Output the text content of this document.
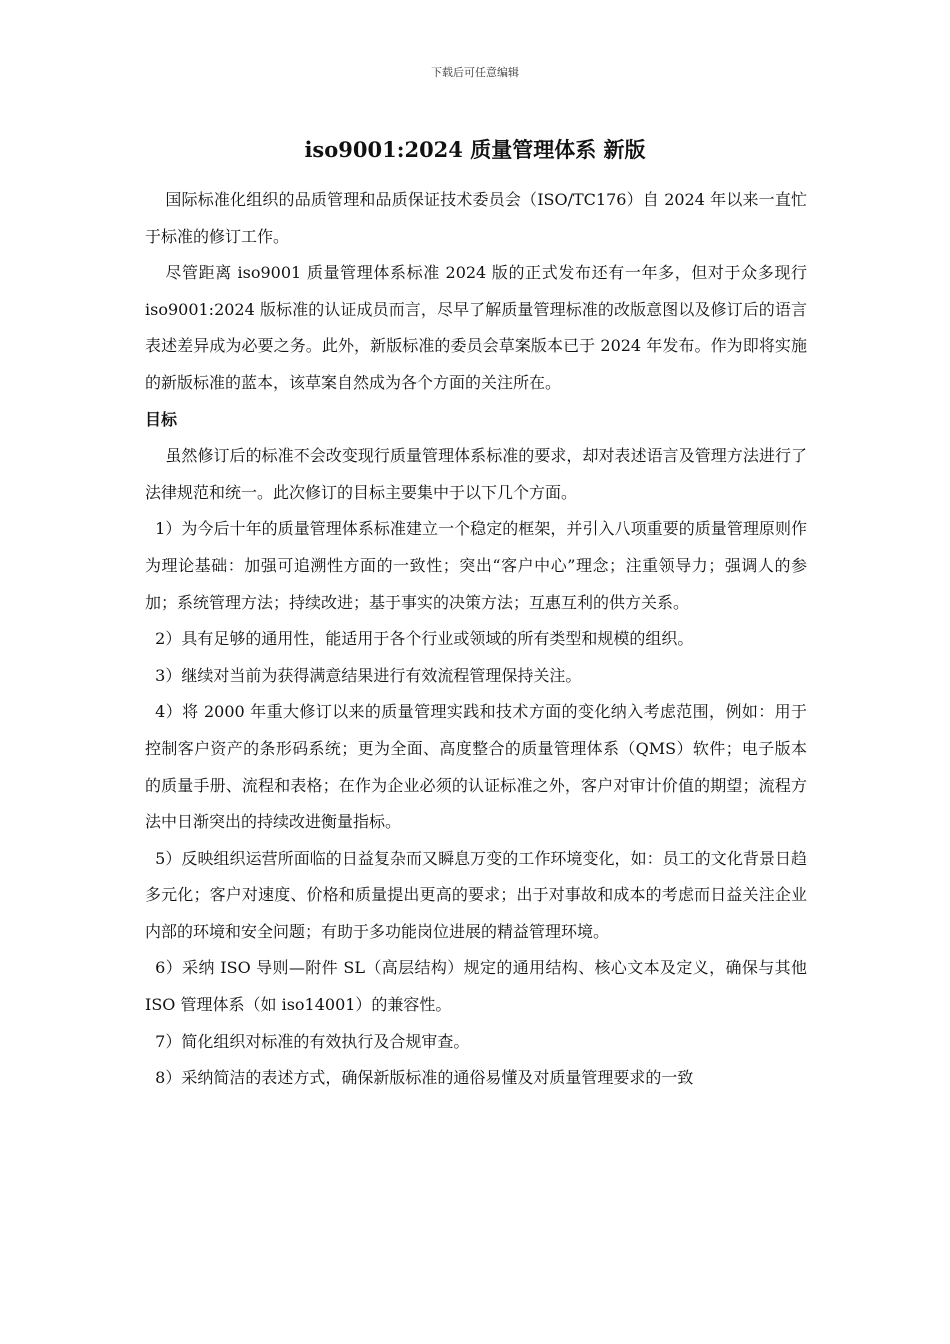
下载后可任意编辑
iso9001:2024 质量管理体系 新版

国际标准化组织的品质管理和品质保证技术委员会（ISO/TC176）自 2024 年以来一直忙于标准的修订工作。

尽管距离 iso9001 质量管理体系标准 2024 版的正式发布还有一年多，但对于众多现行 iso9001:2024 版标准的认证成员而言，尽早了解质量管理标准的改版意图以及修订后的语言表述差异成为必要之务。此外，新版标准的委员会草案版本已于 2024 年发布。作为即将实施的新版标准的蓝本，该草案自然成为各个方面的关注所在。

目标

虽然修订后的标准不会改变现行质量管理体系标准的要求，却对表述语言及管理方法进行了法律规范和统一。此次修订的目标主要集中于以下几个方面。

1）为今后十年的质量管理体系标准建立一个稳定的框架，并引入八项重要的质量管理原则作为理论基础：加强可追溯性方面的一致性；突出“客户中心”理念；注重领导力；强调人的参加；系统管理方法；持续改进；基于事实的决策方法；互惠互利的供方关系。

2）具有足够的通用性，能适用于各个行业或领域的所有类型和规模的组织。

3）继续对当前为获得满意结果进行有效流程管理保持关注。

4）将 2000 年重大修订以来的质量管理实践和技术方面的变化纳入考虑范围，例如：用于控制客户资产的条形码系统；更为全面、高度整合的质量管理体系（QMS）软件；电子版本的质量手册、流程和表格；在作为企业必须的认证标准之外，客户对审计价值的期望；流程方法中日渐突出的持续改进衡量指标。

5）反映组织运营所面临的日益复杂而又瞬息万变的工作环境变化，如：员工的文化背景日趋多元化；客户对速度、价格和质量提出更高的要求；出于对事故和成本的考虑而日益关注企业内部的环境和安全问题；有助于多功能岗位进展的精益管理环境。

6）采纳 ISO 导则—附件 SL（高层结构）规定的通用结构、核心文本及定义，确保与其他 ISO 管理体系（如 iso14001）的兼容性。

7）简化组织对标准的有效执行及合规审查。

8）采纳简洁的表述方式，确保新版标准的通俗易懂及对质量管理要求的一致
